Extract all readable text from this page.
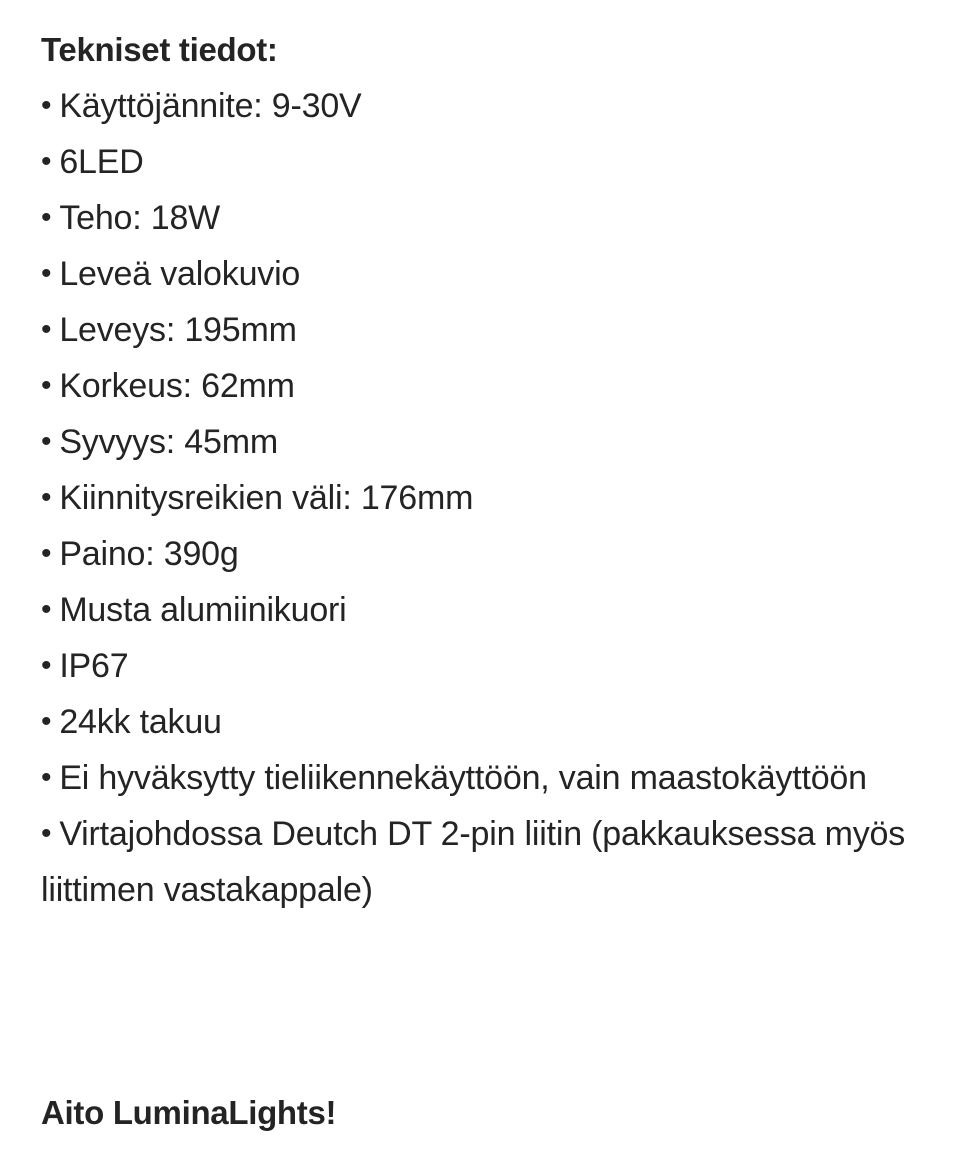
Tekniset tiedot:

• Käyttöjännite: 9-30V
• 6LED
• Teho: 18W
• Leveä valokuvio
• Leveys: 195mm
• Korkeus: 62mm
• Syvyys: 45mm
• Kiinnitysreikien väli: 176mm
• Paino: 390g
• Musta alumiinikuori
• IP67
• 24kk takuu
• Ei hyväksytty tieliikennekäyttöön, vain maastokäyttöön
• Virtajohdossa Deutch DT 2-pin liitin (pakkauksessa myös liittimen vastakappale)

Aito LuminaLights!
